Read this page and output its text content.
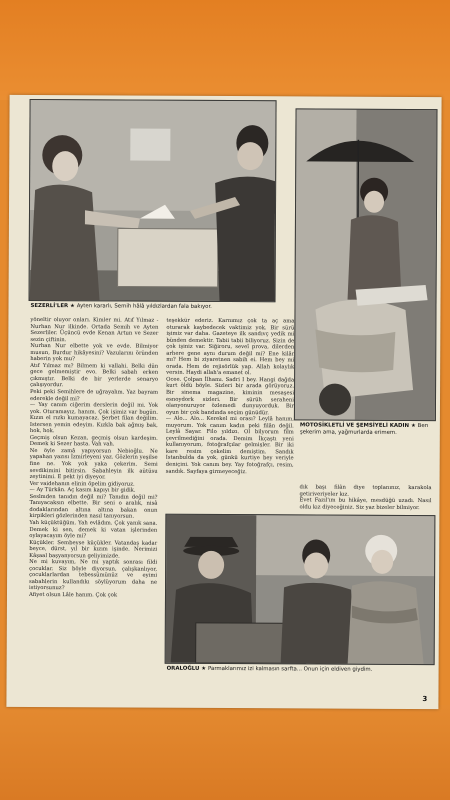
SEZERLİ'LER ★ Ayten kararlı, Semih hâlâ yıldızlardan fala bakıyor.
MOTOSİKLETLİ VE ŞEMSİYELİ KADIN ★ Ben şekerim ama, yağmurlarda erimem.

yöneltir oluyor onları. Kimler mi. Atıf Yılmaz - Nurhan Nur ilkinde. Ortada Semih ve Ayten Sezerliler. Üçüncü evde Kenan Artun ve Sezer sezin çiftinin.
Nurhan Nur elbette yok ve evde. Bilmiyor musun, Burdur hikâyesini? Vazularını öründen haberin yok mu?
Atıf Yılmaz mı? Bilmem ki vallahi. Belki dün gece gelmemiştir evo. Belki sabah erken çıkmıştır. Belki de bir yerlerde senaryo çalışıyordur.
Peki peki Semihlere de uğrayalım. Yaz bayram ederekle değil mi?
— Yay canım ciğerim derslerin değil mi. Yok yok. Oturamayız, hanım. Çok işimiz var bugün. Kızın el rızkı kumayacaz. Şerbet filan değilim. Istersen yemin edeyim. Kızkla bak ağmış bak, hok, hok.
Geçmiş olsun Kezan, geçmiş olsun kardeşim. Demek ki Sezer hasta. Vah vah.
Ne öyle zamâ yapıyorsun Nebioğlu. Ne yapahan yazısı İzmirleyeni yaz. Gözlerin yeşilse fine ne. Yok yok yaka çekerim. Semi sevdikimini bitirsin. Sabahleyin ilk aütüsu zeytinimi. E pekt iyi diyeyor.
Ver vaidehanın elinin öpelim gidiyoruz.
— Ay Türkân. Aç kasım kapıyı bir gidik.
Seslmden tanıdın değil mi? Tanıdın değil mi? Tanıyacaksın elbette. Bir seni o aralık, nisâ dodaklarından altına altına bakan onun kirpikleri gözlerinden nasıl tanıyorsun.
Yah küçüktüğüm. Yah evlâdım. Çok yanık sana. Demek ki sen, demek ki vatan işlerinden oylayacayım öyle mi?
Küçükler. Sembeyse küçükler. Vatandaş kadar beyce, dürst, yıl bir kızım işinde. Nerimizi Kâşaal başyanyorsun geliyimizde.
Ne mi kuvayım, Ne mi yaptık sonrası fildi çocuklar. Siz böyle diyorsun, çalışkanlıyor, çocuklarlardan tebessümünüz ve eyimi sabahlerin kullandıkı söylüyorum daha ne istiyorsunuz?
Afiyet olsun Lâle hanım. Çok çok

teşekkür ederiz. Karnımız çok ta aç ama oturarak kaybedecek vaktimiz yok. Bir sürü işimiz var daha. Gazeteye ilk sandıvç yedik mi bünden demektir. Tabii tabii biliyoruz. Sizin de çok işiniz var. Siğiroru, seveî prova, dilerden arhere gene aynı durum değil mi? Ene kilâr mı? Hem bi ziyaretnen sabih ei. Hem bey mi orada. Hem de rejisörlük yap. Allah kolaylık versin. Haydi allah'a emanet ol.
Ocee. Çolpan İlhamı. Sadri I bey. Hangi dağda kurt öldü böyle. Sizleri bir arada görüyoruz. Bir sinema magazine, kiminin mesaşesi esnoydork sizleri. Bir sürüh seraheni olanyonuruyor özlemedi dunyuyorduk. Bir oyun bir çok bandında seçim günüdür.
— Alo... Alo... Kerekel mi orası? Leylâ hanım, muyorum. Yok canım kadın peki filân değil. Leylâ Sayar. Filo yıldızı. Ol bilyorum film çevrilmediğini orada. Demim İkçaştı yeni kullanıyorum, fotoğrafçılar gelmişler. Bir iki kare resim çekelim demiştim. Sandık Istanbulda da yok, günkü kurtiye bey veriyle deniçini. Yok canım bey. Yay fotoğrafçı, resim, sandık. Sayfaya girmeyeceğiz.

dık başı filân diye toplanınız, karakola getiriveriyeler kız.
Evet Fazıl'ım bu hikâye, mesdüğü uzadı. Nasıl oldu kız diyeceğiniz. Siz yaz bizeler bilmiyor.

ORALOĞLU ★ Parmaklarımız izi kalmasın sarfta... Onun için eldiven giydim.
3
